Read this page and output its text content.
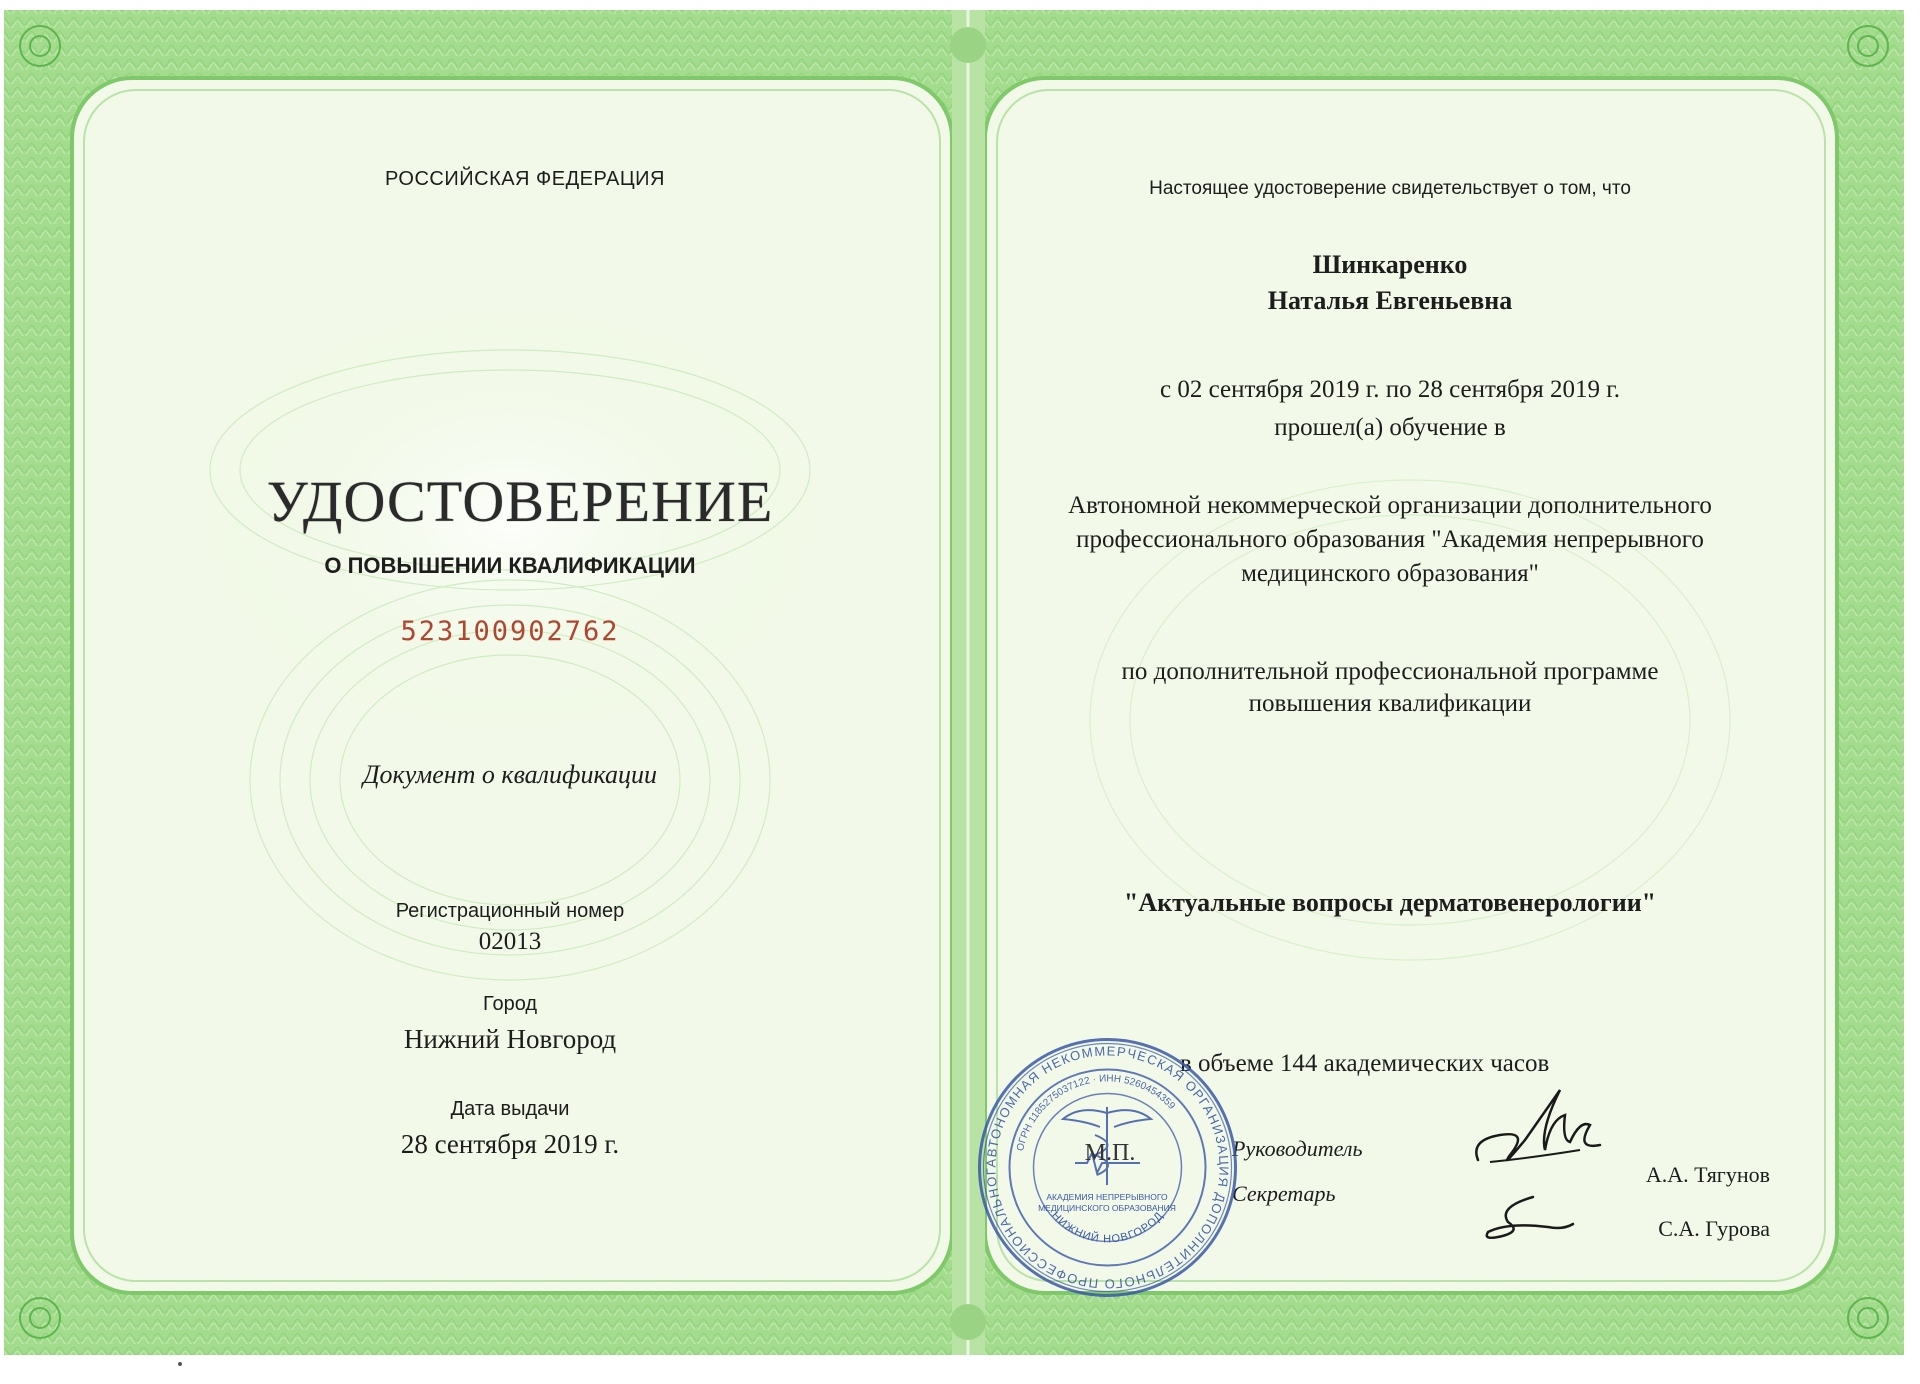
РОССИЙСКАЯ ФЕДЕРАЦИЯ
УДОСТОВЕРЕНИЕ
О ПОВЫШЕНИИ КВАЛИФИКАЦИИ
523100902762
Документ о квалификации
Регистрационный номер
02013
Город
Нижний Новгород
Дата выдачи
28 сентября 2019 г.
Настоящее удостоверение свидетельствует о том, что
Шинкаренко
Наталья Евгеньевна
с 02 сентября 2019 г. по 28 сентября 2019 г.
прошел(а) обучение в
Автономной некоммерческой организации дополнительного
профессионального образования "Академия непрерывного
медицинского образования"
по дополнительной профессиональной программе
повышения квалификации
"Актуальные вопросы дерматовенерологии"
в объеме 144 академических часов
Руководитель
А.А. Тягунов
Секретарь
С.А. Гурова
АВТОНОМНАЯ НЕКОММЕРЧЕСКАЯ ОРГАНИЗАЦИЯ ДОПОЛНИТЕЛЬНОГО ПРОФЕССИОНАЛЬНОГ
ОГРН 1185275037122 · ИНН 5260454359
АКАДЕМИЯ НЕПРЕРЫВНОГО
МЕДИЦИНСКОГО ОБРАЗОВАНИЯ
НИЖНИЙ НОВГОРОД
М.П.
